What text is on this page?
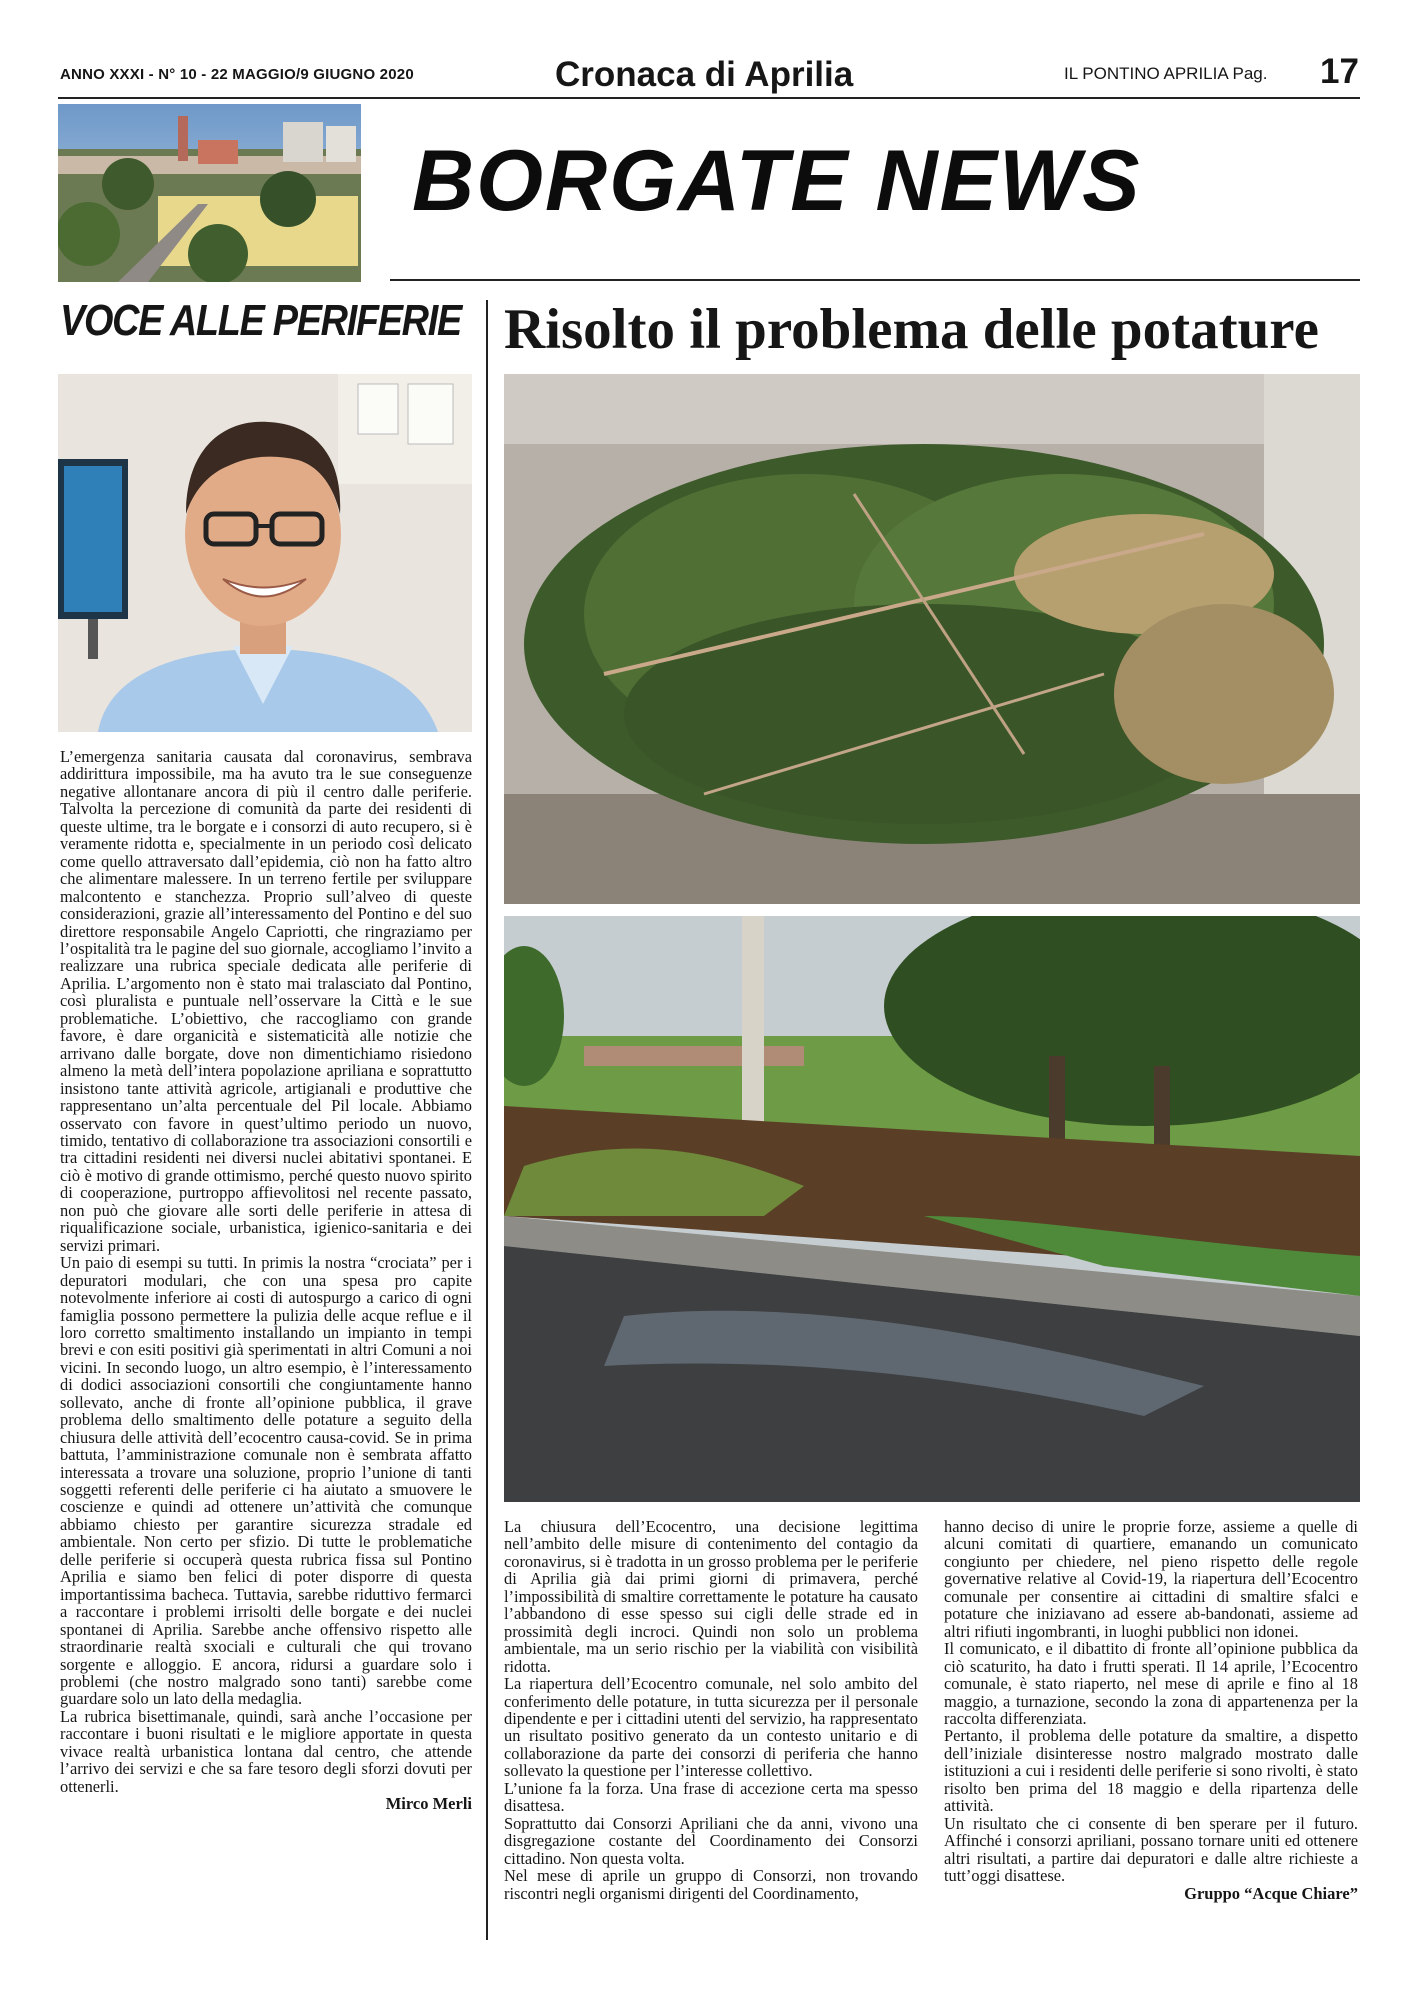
ANNO XXXI - N° 10 - 22 MAGGIO/9 GIUGNO 2020	Cronaca di Aprilia	IL PONTINO APRILIA Pag. 17
BORGATE NEWS
VOCE ALLE PERIFERIE Risolto il problema delle potature

L’emergenza sanitaria causata dal coronavirus, sembrava addirittura impossibile, ma ha avuto tra le sue conseguenze negative allontanare ancora di più il centro dalle periferie. Talvolta la percezione di comunità da parte dei residenti di queste ultime, tra le borgate e i consorzi di auto recupero, si è veramente ridotta e, specialmente in un periodo così delicato come quello attraversato dall’epidemia, ciò non ha fatto altro che alimentare malessere. In un terreno fertile per sviluppare malcontento e stanchezza. Proprio sull’alveo di queste considerazioni, grazie all’interessamento del Pontino e del suo direttore responsabile Angelo Capriotti, che ringraziamo per l’ospitalità tra le pagine del suo giornale, accogliamo l’invito a realizzare una rubrica speciale dedicata alle periferie di Aprilia. L’argomento non è stato mai tralasciato dal Pontino, così pluralista e puntuale nell’osservare la Città e le sue problematiche. L’obiettivo, che raccogliamo con grande favore, è dare organicità e sistematicità alle notizie che arrivano dalle borgate, dove non dimentichiamo risiedono almeno la metà dell’intera popolazione apriliana e soprattutto insistono tante attività agricole, artigianali e produttive che rappresentano un’alta percentuale del Pil locale. Abbiamo osservato con favore in quest’ultimo periodo un nuovo, timido, tentativo di collaborazione tra associazioni consortili e tra cittadini residenti nei diversi nuclei abitativi spontanei. E ciò è motivo di grande ottimismo, perché questo nuovo spirito di cooperazione, purtroppo affievolitosi nel recente passato, non può che giovare alle sorti delle periferie in attesa di riqualificazione sociale, urbanistica, igienico-sanitaria e dei servizi primari.

Un paio di esempi su tutti. In primis la nostra “crociata” per i depuratori modulari, che con una spesa pro capite notevolmente inferiore ai costi di autospurgo a carico di ogni famiglia possono permettere la pulizia delle acque reflue e il loro corretto smaltimento installando un impianto in tempi brevi e con esiti positivi già sperimentati in altri Comuni a noi vicini. In secondo luogo, un altro esempio, è l’interessamento di dodici associazioni consortili che congiuntamente hanno sollevato, anche di fronte all’opinione pubblica, il grave problema dello smaltimento delle potature a seguito della chiusura delle attività dell’ecocentro causa-covid. Se in prima battuta, l’amministrazione comunale non è sembrata affatto interessata a trovare una soluzione, proprio l’unione di tanti soggetti referenti delle periferie ci ha aiutato a smuovere le coscienze e quindi ad ottenere un’attività che comunque abbiamo chiesto per garantire sicurezza stradale ed ambientale. Non certo per sfizio. Di tutte le problematiche delle periferie si occuperà questa rubrica fissa sul Pontino Aprilia e siamo ben felici di poter disporre di questa importantissima bacheca. Tuttavia, sarebbe riduttivo fermarci a raccontare i problemi irrisolti delle borgate e dei nuclei spontanei di Aprilia. Sarebbe anche offensivo rispetto alle straordinarie realtà sxociali e culturali che qui trovano sorgente e alloggio. E ancora, ridursi a guardare solo i problemi (che nostro malgrado sono tanti) sarebbe come guardare solo un lato della medaglia.

La rubrica bisettimanale, quindi, sarà anche l’occasione per raccontare i buoni risultati e le migliore apportate in questa vivace realtà urbanistica lontana dal centro, che attende l’arrivo dei servizi e che sa fare tesoro degli sforzi dovuti per ottenerli.

Mirco Merli

La chiusura dell’Ecocentro, una decisione legittima nell’ambito delle misure di contenimento del contagio da coronavirus, si è tradotta in un grosso problema per le periferie di Aprilia già dai primi giorni di primavera, perché l’impossibilità di smaltire correttamente le potature ha causato l’abbandono di esse spesso sui cigli delle strade ed in prossimità degli incroci. Quindi non solo un problema ambientale, ma un serio rischio per la viabilità con visibilità ridotta.

La riapertura dell’Ecocentro comunale, nel solo ambito del conferimento delle potature, in tutta sicurezza per il personale dipendente e per i cittadini utenti del servizio, ha rappresentato un risultato positivo generato da un contesto unitario e di collaborazione da parte dei consorzi di periferia che hanno sollevato la questione per l’interesse collettivo.

L’unione fa la forza. Una frase di accezione certa ma spesso disattesa.

Soprattutto dai Consorzi Apriliani che da anni, vivono una disgregazione costante del Coordinamento dei Consorzi cittadino. Non questa volta.

Nel mese di aprile un gruppo di Consorzi, non trovando riscontri negli organismi dirigenti del Coordinamento,

hanno deciso di unire le proprie forze, assieme a quelle di alcuni comitati di quartiere, emanando un comunicato congiunto per chiedere, nel pieno rispetto delle regole governative relative al Covid-19, la riapertura dell’Ecocentro comunale per consentire ai cittadini di smaltire sfalci e potature che iniziavano ad essere ab-bandonati, assieme ad altri rifiuti ingombranti, in luoghi pubblici non idonei.

Il comunicato, e il dibattito di fronte all’opinione pubblica da ciò scaturito, ha dato i frutti sperati. Il 14 aprile, l’Ecocentro comunale, è stato riaperto, nel mese di aprile e fino al 18 maggio, a turnazione, secondo la zona di appartenenza per la raccolta differenziata.

Pertanto, il problema delle potature da smaltire, a dispetto dell’iniziale disinteresse nostro malgrado mostrato dalle istituzioni a cui i residenti delle periferie si sono rivolti, è stato risolto ben prima del 18 maggio e della ripartenza delle attività.

Un risultato che ci consente di ben sperare per il futuro. Affinché i consorzi apriliani, possano tornare uniti ed ottenere altri risultati, a partire dai depuratori e dalle altre richieste a tutt’oggi disattese.

Gruppo “Acque Chiare”
